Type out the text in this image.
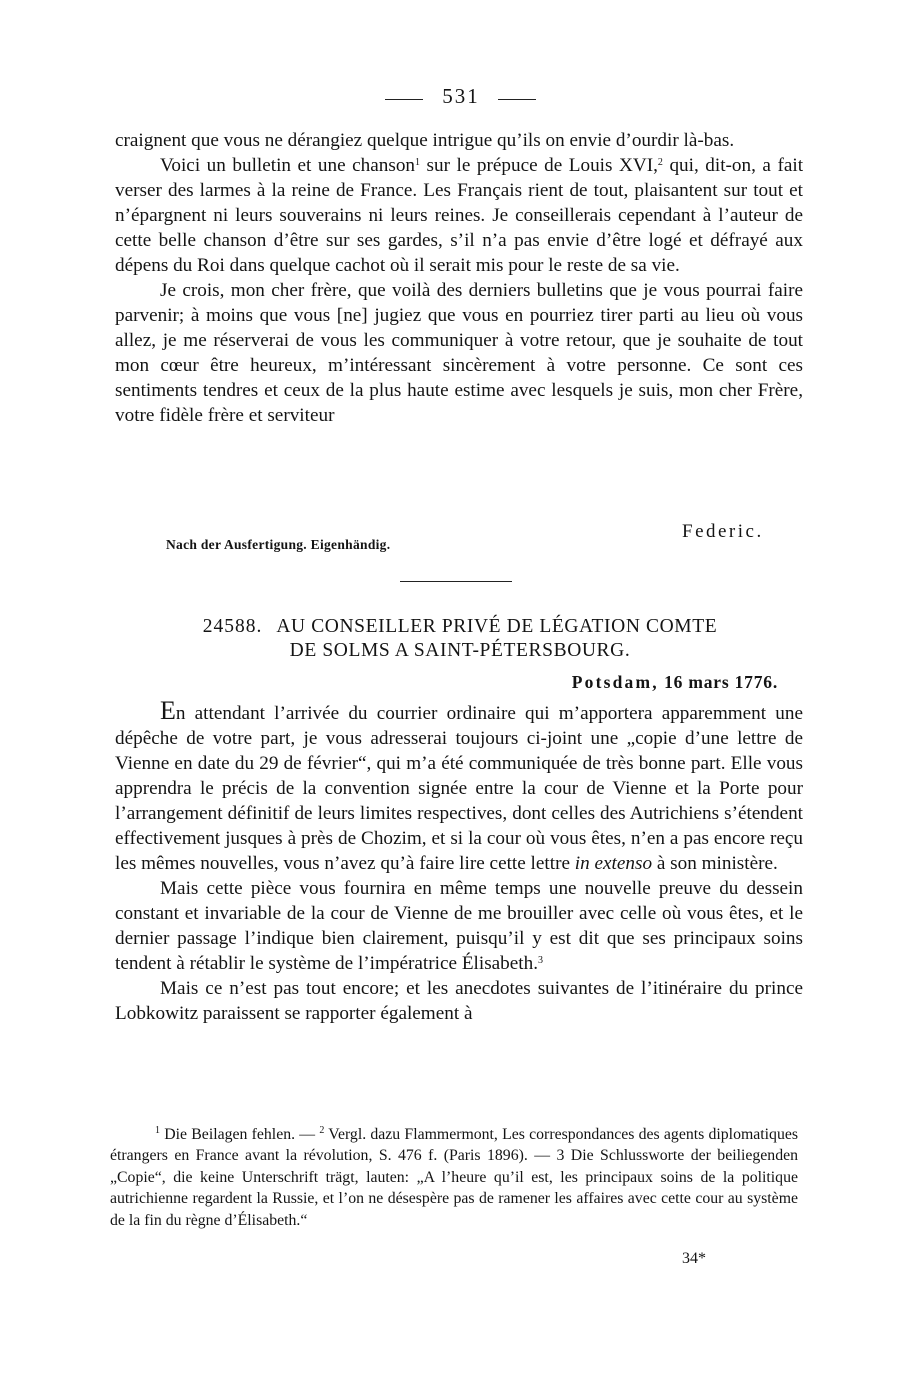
531

craignent que vous ne dérangiez quelque intrigue qu’ils on envie d’ourdir là-bas.

Voici un bulletin et une chanson$^1$ sur le prépuce de Louis XVI,$^2$ qui, dit-on, a fait verser des larmes à la reine de France. Les Français rient de tout, plaisantent sur tout et n’épargnent ni leurs souverains ni leurs reines. Je conseillerais cependant à l’auteur de cette belle chanson d’être sur ses gardes, s’il n’a pas envie d’être logé et défrayé aux dépens du Roi dans quelque cachot où il serait mis pour le reste de sa vie.

Je crois, mon cher frère, que voilà des derniers bulletins que je vous pourrai faire parvenir; à moins que vous [ne] jugiez que vous en pourriez tirer parti au lieu où vous allez, je me réserverai de vous les communiquer à votre retour, que je souhaite de tout mon cœur être heureux, m’intéressant sincèrement à votre personne. Ce sont ces sentiments tendres et ceux de la plus haute estime avec lesquels je suis, mon cher Frère, votre fidèle frère et serviteur

Federic.
Nach der Ausfertigung. Eigenhändig.
24588. AU CONSEILLER PRIVÉ DE LÉGATION COMTE
DE SOLMS A SAINT-PÉTERSBOURG.
Potsdam, 16 mars 1776.

En attendant l’arrivée du courrier ordinaire qui m’apportera apparemment une dépêche de votre part, je vous adresserai toujours ci-joint une „copie d’une lettre de Vienne en date du 29 de février“, qui m’a été communiquée de très bonne part. Elle vous apprendra le précis de la convention signée entre la cour de Vienne et la Porte pour l’arrangement définitif de leurs limites respectives, dont celles des Autrichiens s’étendent effectivement jusques à près de Chozim, et si la cour où vous êtes, n’en a pas encore reçu les mêmes nouvelles, vous n’avez qu’à faire lire cette lettre in extenso à son ministère.

Mais cette pièce vous fournira en même temps une nouvelle preuve du dessein constant et invariable de la cour de Vienne de me brouiller avec celle où vous êtes, et le dernier passage l’indique bien clairement, puisqu’il y est dit que ses principaux soins tendent à rétablir le système de l’impératrice Élisabeth.$^3$

Mais ce n’est pas tout encore; et les anecdotes suivantes de l’itinéraire du prince Lobkowitz paraissent se rapporter également à

$^1$ Die Beilagen fehlen. — $^2$ Vergl. dazu Flammermont, Les correspondances des agents diplomatiques étrangers en France avant la révolution, S. 476 f. (Paris 1896). — 3 Die Schlussworte der beiliegenden „Copie“, die keine Unterschrift trägt, lauten: „A l’heure qu’il est, les principaux soins de la politique autrichienne regardent la Russie, et l’on ne désespère pas de ramener les affaires avec cette cour au système de la fin du règne d’Élisabeth.“

34*
